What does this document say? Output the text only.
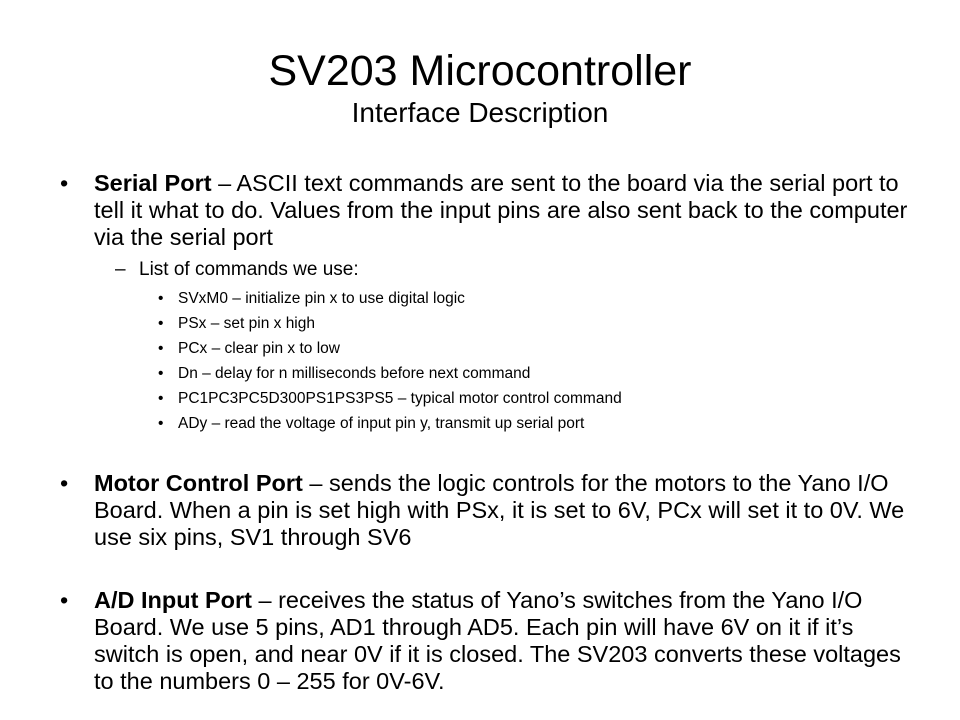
SV203 Microcontroller
Interface Description
• Serial Port – ASCII text commands are sent to the board via the serial port to tell it what to do. Values from the input pins are also sent back to the computer via the serial port
– List of commands we use:
• SVxM0 – initialize pin x to use digital logic
• PSx – set pin x high
• PCx – clear pin x to low
• Dn – delay for n milliseconds before next command
• PC1PC3PC5D300PS1PS3PS5 – typical motor control command
• ADy – read the voltage of input pin y, transmit up serial port
• Motor Control Port – sends the logic controls for the motors to the Yano I/O Board. When a pin is set high with PSx, it is set to 6V, PCx will set it to 0V. We use six pins, SV1 through SV6
• A/D Input Port – receives the status of Yano’s switches from the Yano I/O Board. We use 5 pins, AD1 through AD5. Each pin will have 6V on it if it’s switch is open, and near 0V if it is closed. The SV203 converts these voltages to the numbers 0 – 255 for 0V-6V.
